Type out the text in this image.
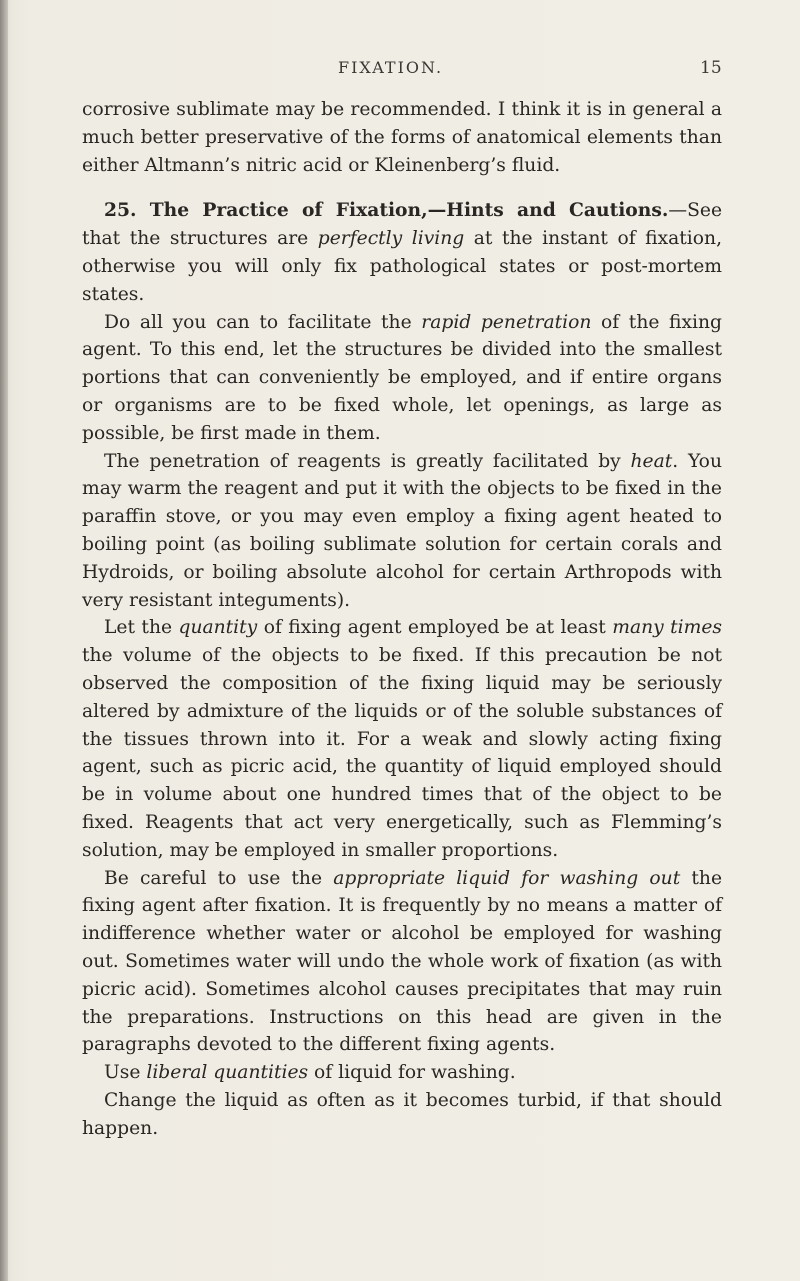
FIXATION.	15

corrosive sublimate may be recommended. I think it is in general a much better preservative of the forms of anatomical elements than either Altmann’s nitric acid or Kleinenberg’s fluid.

25. The Practice of Fixation,—Hints and Cautions.—See that the structures are perfectly living at the instant of fixation, otherwise you will only fix pathological states or post-mortem states.

Do all you can to facilitate the rapid penetration of the fixing agent. To this end, let the structures be divided into the smallest portions that can conveniently be employed, and if entire organs or organisms are to be fixed whole, let openings, as large as possible, be first made in them.

The penetration of reagents is greatly facilitated by heat. You may warm the reagent and put it with the objects to be fixed in the paraffin stove, or you may even employ a fixing agent heated to boiling point (as boiling sublimate solution for certain corals and Hydroids, or boiling absolute alcohol for certain Arthropods with very resistant integuments).

Let the quantity of fixing agent employed be at least many times the volume of the objects to be fixed. If this precaution be not observed the composition of the fixing liquid may be seriously altered by admixture of the liquids or of the soluble substances of the tissues thrown into it. For a weak and slowly acting fixing agent, such as picric acid, the quantity of liquid employed should be in volume about one hundred times that of the object to be fixed. Reagents that act very energetically, such as Flemming’s solution, may be employed in smaller proportions.

Be careful to use the appropriate liquid for washing out the fixing agent after fixation. It is frequently by no means a matter of indifference whether water or alcohol be employed for washing out. Sometimes water will undo the whole work of fixation (as with picric acid). Sometimes alcohol causes precipitates that may ruin the preparations. Instructions on this head are given in the paragraphs devoted to the different fixing agents.

Use liberal quantities of liquid for washing.

Change the liquid as often as it becomes turbid, if that should happen.
